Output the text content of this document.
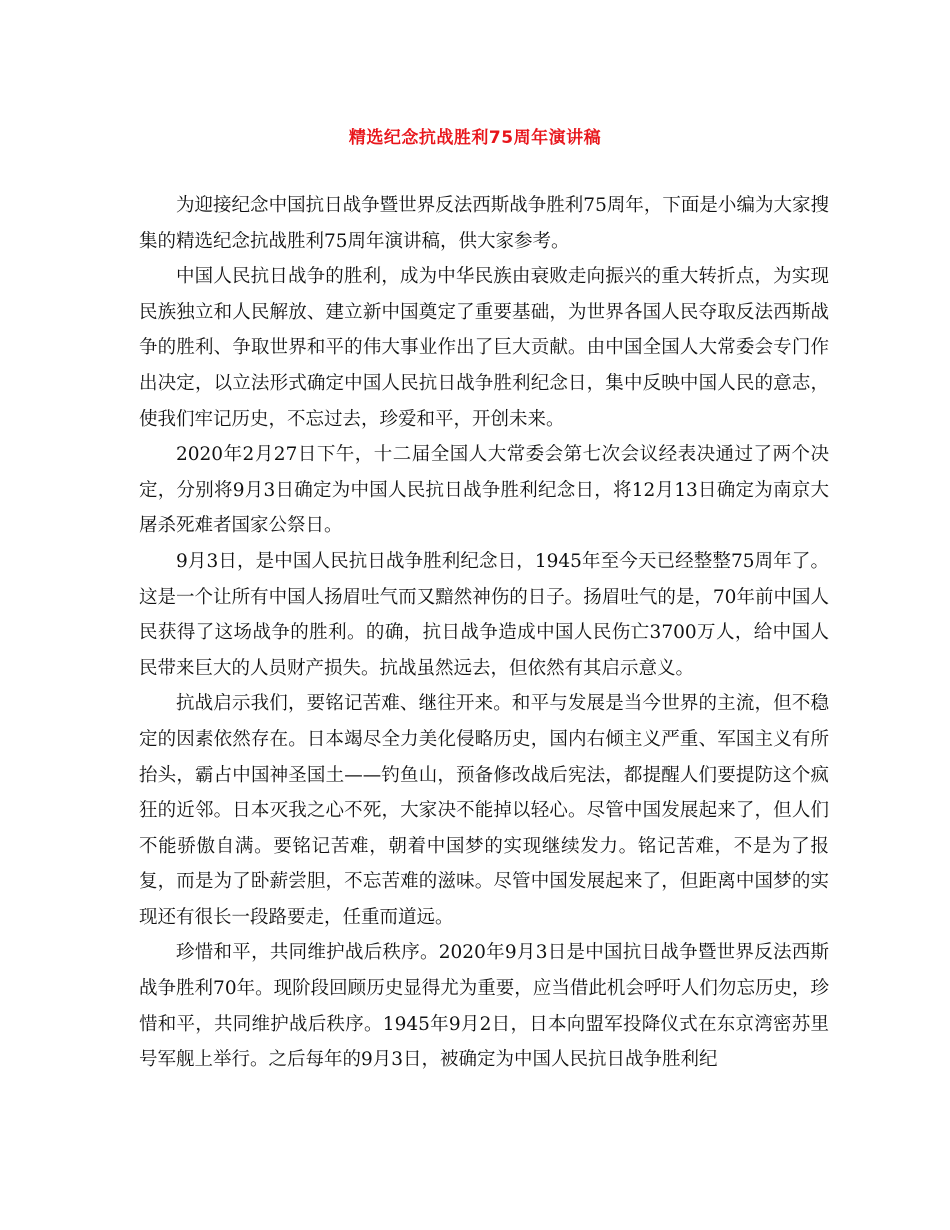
精选纪念抗战胜利75周年演讲稿

为迎接纪念中国抗日战争暨世界反法西斯战争胜利75周年，下面是小编为大家搜集的精选纪念抗战胜利75周年演讲稿，供大家参考。

中国人民抗日战争的胜利，成为中华民族由衰败走向振兴的重大转折点，为实现民族独立和人民解放、建立新中国奠定了重要基础，为世界各国人民夺取反法西斯战争的胜利、争取世界和平的伟大事业作出了巨大贡献。由中国全国人大常委会专门作出决定，以立法形式确定中国人民抗日战争胜利纪念日，集中反映中国人民的意志，使我们牢记历史，不忘过去，珍爱和平，开创未来。

2020年2月27日下午，十二届全国人大常委会第七次会议经表决通过了两个决定，分别将9月3日确定为中国人民抗日战争胜利纪念日，将12月13日确定为南京大屠杀死难者国家公祭日。

9月3日，是中国人民抗日战争胜利纪念日，1945年至今天已经整整75周年了。 这是一个让所有中国人扬眉吐气而又黯然神伤的日子。扬眉吐气的是，70年前中国人民获得了这场战争的胜利。的确，抗日战争造成中国人民伤亡3700万人，给中国人民带来巨大的人员财产损失。抗战虽然远去，但依然有其启示意义。

抗战启示我们，要铭记苦难、继往开来。和平与发展是当今世界的主流，但不稳定的因素依然存在。日本竭尽全力美化侵略历史，国内右倾主义严重、军国主义有所抬头，霸占中国神圣国土——钓鱼山，预备修改战后宪法，都提醒人们要提防这个疯狂的近邻。日本灭我之心不死，大家决不能掉以轻心。尽管中国发展起来了，但人们不能骄傲自满。要铭记苦难，朝着中国梦的实现继续发力。铭记苦难，不是为了报复，而是为了卧薪尝胆，不忘苦难的滋味。尽管中国发展起来了，但距离中国梦的实现还有很长一段路要走，任重而道远。

珍惜和平，共同维护战后秩序。2020年9月3日是中国抗日战争暨世界反法西斯战争胜利70年。现阶段回顾历史显得尤为重要，应当借此机会呼吁人们勿忘历史，珍惜和平，共同维护战后秩序。1945年9月2日，日本向盟军投降仪式在东京湾密苏里号军舰上举行。之后每年的9月3日，被确定为中国人民抗日战争胜利纪
